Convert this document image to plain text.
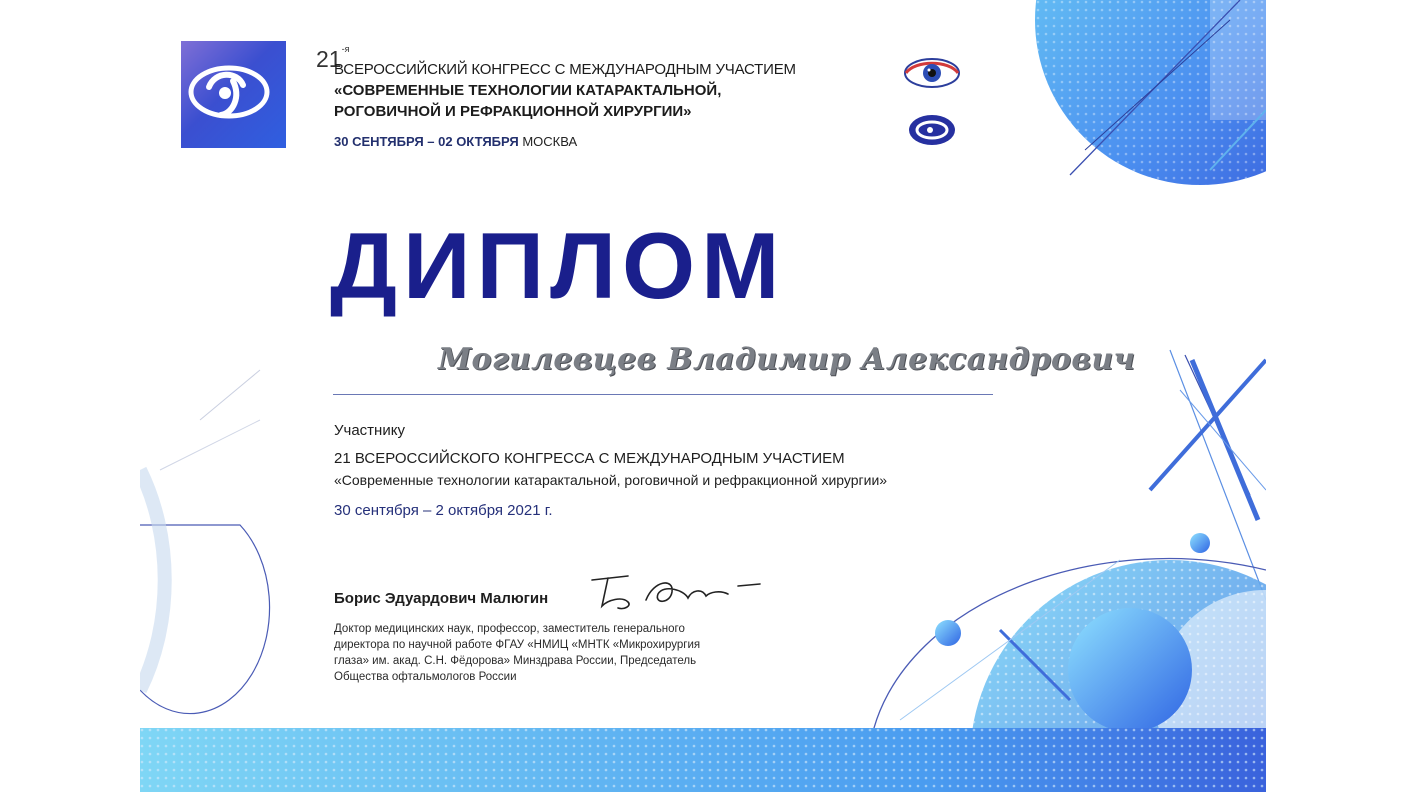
$21^{-я}$
ВСЕРОССИЙСКИЙ КОНГРЕСС С МЕЖДУНАРОДНЫМ УЧАСТИЕМ
«СОВРЕМЕННЫЕ ТЕХНОЛОГИИ КАТАРАКТАЛЬНОЙ,
РОГОВИЧНОЙ И РЕФРАКЦИОННОЙ ХИРУРГИИ»
30 СЕНТЯБРЯ – 02 ОКТЯБРЯ МОСКВА
ДИПЛОМ
Могилевцев Владимир Александрович
Участнику
21 ВСЕРОССИЙСКОГО КОНГРЕССА С МЕЖДУНАРОДНЫМ УЧАСТИЕМ
«Современные технологии катарактальной, роговичной и рефракционной хирургии»
30 сентября – 2 октября 2021 г.
Борис Эдуардович Малюгин
Доктор медицинских наук, профессор, заместитель генерального
директора по научной работе ФГАУ «НМИЦ «МНТК «Микрохирургия
глаза» им. акад. С.Н. Фёдорова» Минздрава России, Председатель
Общества офтальмологов России
